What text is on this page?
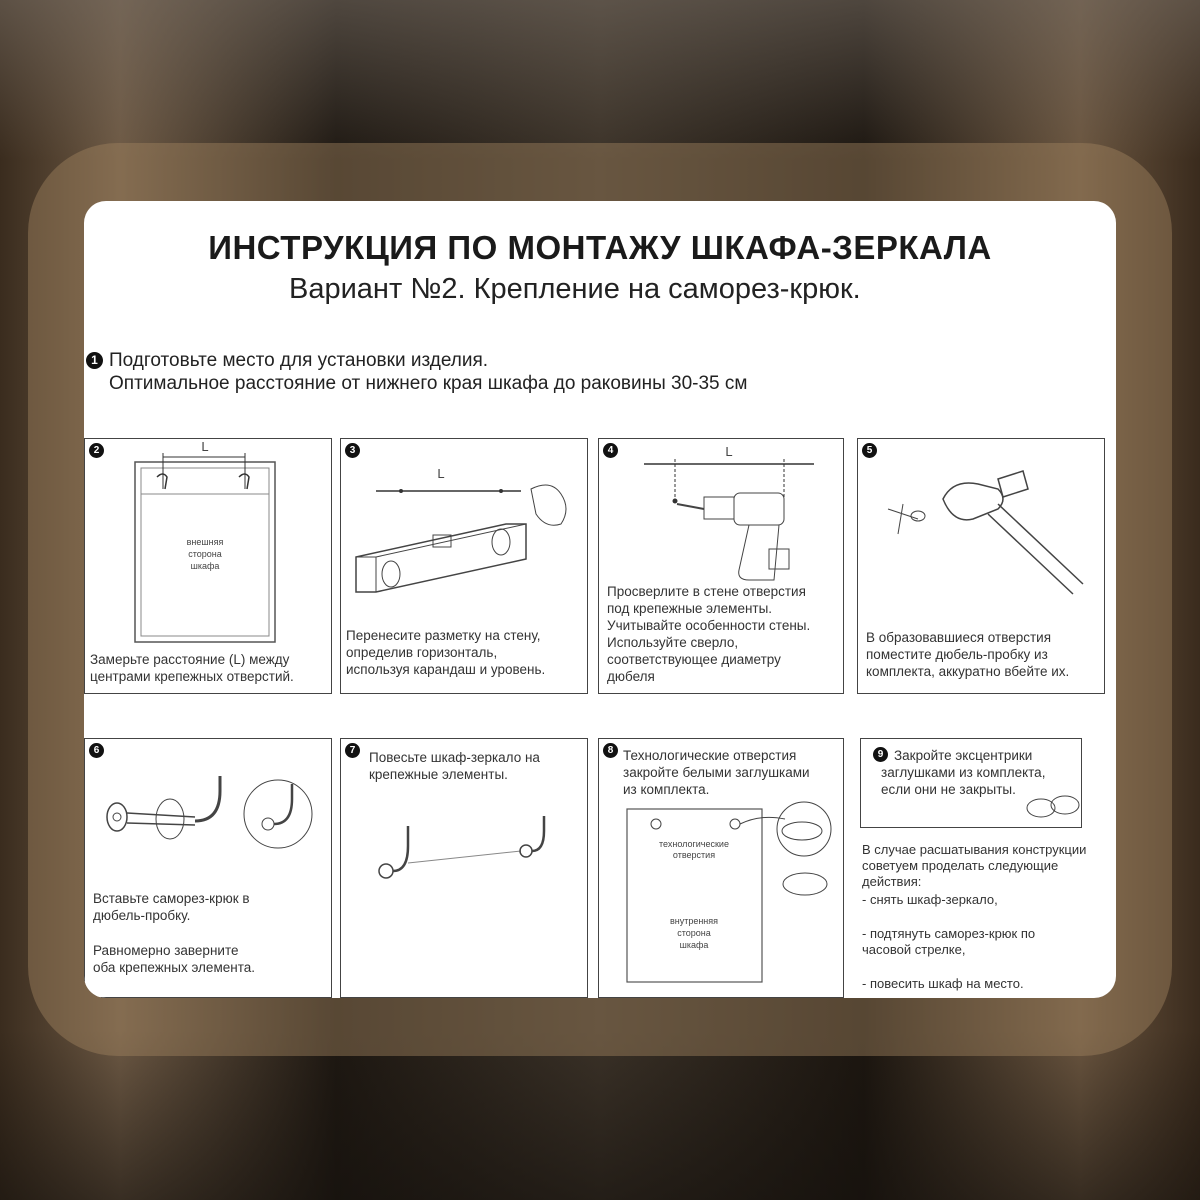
ИНСТРУКЦИЯ ПО МОНТАЖУ ШКАФА-ЗЕРКАЛА
Вариант №2. Крепление на саморез-крюк.
1 Подготовьте место для установки изделия.
Оптимальное расстояние от нижнего края шкафа до раковины 30-35 см
2	L
внешняя
сторона
шкафа
Замерьте расстояние (L) между
центрами крепежных отверстий.
3
L
Перенесите разметку на стену,
определив горизонталь,
используя карандаш и уровень.
4	L
Просверлите в стене отверстия
под крепежные элементы.
Учитывайте особенности стены.
Используйте сверло,
соответствующее диаметру
дюбеля
5
В образовавшиеся отверстия
поместите дюбель-пробку из
комплекта, аккуратно вбейте их.
6
Вставьте саморез-крюк в
дюбель-пробку.
Равномерно заверните
оба крепежных элемента.
7	Повесьте шкаф-зеркало на
крепежные элементы.
8
технологические
отверстия
внутренняя
сторона
шкафа
Технологические отверстия
закройте белыми заглушками
из комплекта.
9 Закройте эксцентрики
заглушками из комплекта,
если они не закрыты.
В случае расшатывания конструкции
советуем проделать следующие
действия:
- снять шкаф-зеркало,
- подтянуть саморез-крюк по
часовой стрелке,
- повесить шкаф на место.
